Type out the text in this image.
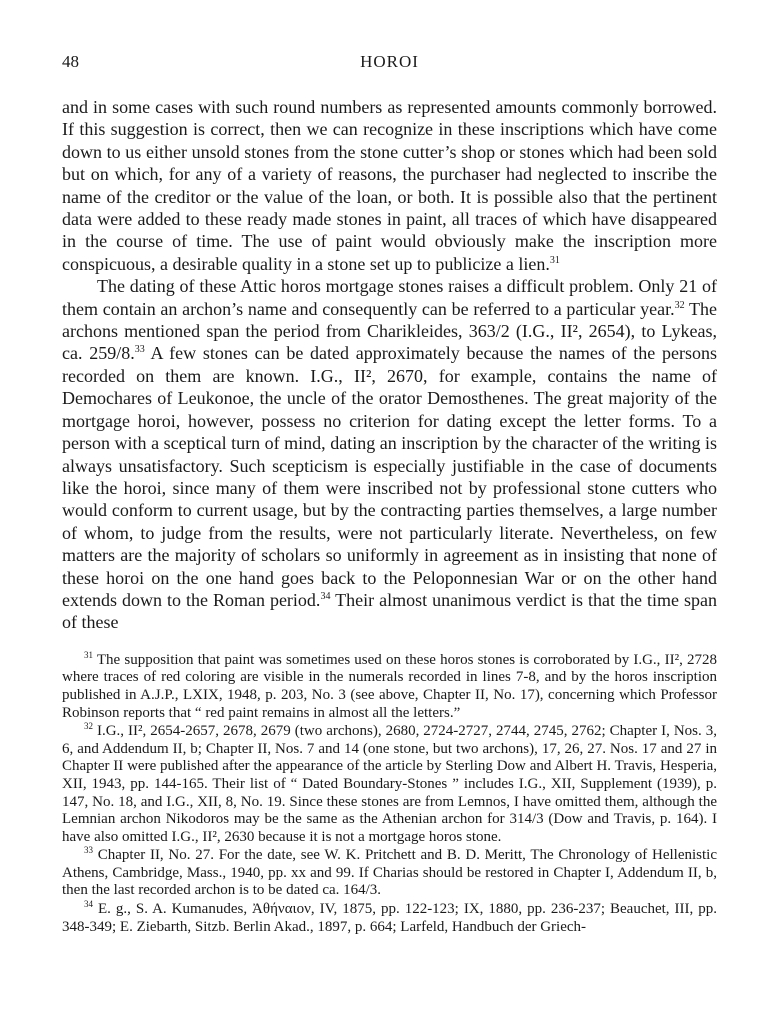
48	HOROI

and in some cases with such round numbers as represented amounts commonly borrowed. If this suggestion is correct, then we can recognize in these inscriptions which have come down to us either unsold stones from the stone cutter’s shop or stones which had been sold but on which, for any of a variety of reasons, the purchaser had neglected to inscribe the name of the creditor or the value of the loan, or both. It is possible also that the pertinent data were added to these ready made stones in paint, all traces of which have disappeared in the course of time. The use of paint would obviously make the inscription more conspicuous, a desirable quality in a stone set up to publicize a lien.$^{31}$

The dating of these Attic horos mortgage stones raises a difficult problem. Only 21 of them contain an archon’s name and consequently can be referred to a particular year.$^{32}$ The archons mentioned span the period from Charikleides, 363/2 (I.G., II², 2654), to Lykeas, ca. 259/8.33 A few stones can be dated approximately because the names of the persons recorded on them are known. I.G., II², 2670, for example, contains the name of Demochares of Leukonoe, the uncle of the orator Demosthenes. The great majority of the mortgage horoi, however, possess no criterion for dating except the letter forms. To a person with a sceptical turn of mind, dating an inscription by the character of the writing is always unsatisfactory. Such scepticism is especially justifiable in the case of documents like the horoi, since many of them were inscribed not by professional stone cutters who would conform to current usage, but by the contracting parties themselves, a large number of whom, to judge from the results, were not particularly literate. Nevertheless, on few matters are the majority of scholars so uniformly in agreement as in insisting that none of these horoi on the one hand goes back to the Peloponnesian War or on the other hand extends down to the Roman period.$^{34}$ Their almost unanimous verdict is that the time span of these

$^{31}$ The supposition that paint was sometimes used on these horos stones is corroborated by I.G., II², 2728 where traces of red coloring are visible in the numerals recorded in lines 7-8, and by the horos inscription published in A.J.P., LXIX, 1948, p. 203, No. 3 (see above, Chapter II, No. 17), concerning which Professor Robinson reports that “ red paint remains in almost all the letters.”

$^{32}$ I.G., II², 2654-2657, 2678, 2679 (two archons), 2680, 2724-2727, 2744, 2745, 2762; Chapter I, Nos. 3, 6, and Addendum II, b; Chapter II, Nos. 7 and 14 (one stone, but two archons), 17, 26, 27. Nos. 17 and 27 in Chapter II were published after the appearance of the article by Sterling Dow and Albert H. Travis, Hesperia, XII, 1943, pp. 144-165. Their list of “ Dated Boundary-Stones ” includes I.G., XII, Supplement (1939), p. 147, No. 18, and I.G., XII, 8, No. 19. Since these stones are from Lemnos, I have omitted them, although the Lemnian archon Nikodoros may be the same as the Athenian archon for 314/3 (Dow and Travis, p. 164). I have also omitted I.G., II², 2630 because it is not a mortgage horos stone.

$^{33}$ Chapter II, No. 27. For the date, see W. K. Pritchett and B. D. Meritt, The Chronology of Hellenistic Athens, Cambridge, Mass., 1940, pp. xx and 99. If Charias should be restored in Chapter I, Addendum II, b, then the last recorded archon is to be dated ca. 164/3.

$^{34}$ E. g., S. A. Kumanudes, Ἀθήναιον, IV, 1875, pp. 122-123; IX, 1880, pp. 236-237; Beauchet, III, pp. 348-349; E. Ziebarth, Sitzb. Berlin Akad., 1897, p. 664; Larfeld, Handbuch der Griech-
